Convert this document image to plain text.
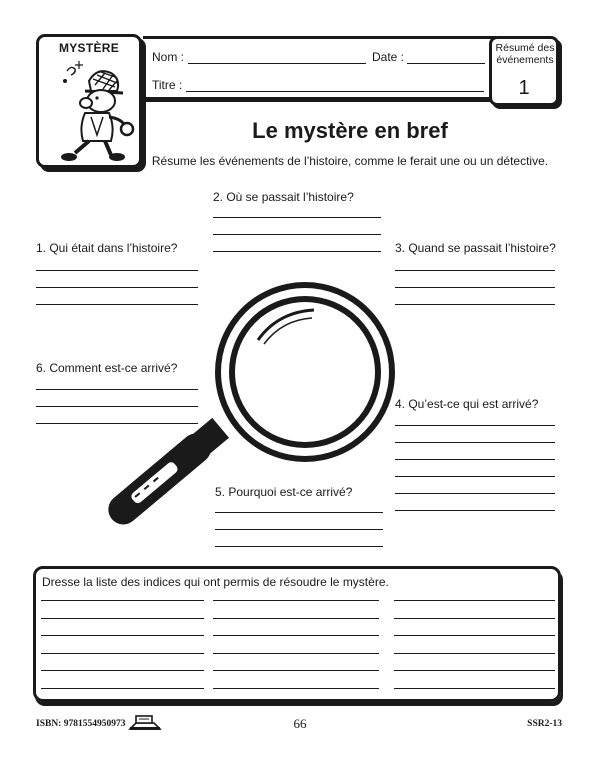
MYSTÈRE
Nom :	Date :
Titre :
Résumé des événements
1
Le mystère en bref
Résume les événements de l’histoire, comme le ferait une ou un détective.
2. Où se passait l’histoire?
1. Qui était dans l’histoire?	3. Quand se passait l’histoire?
6. Comment est-ce arrivé?
4. Qu’est-ce qui est arrivé?
5. Pourquoi est-ce arrivé?
Dresse la liste des indices qui ont permis de résoudre le mystère.
ISBN: 9781554950973	66	SSR2-13
